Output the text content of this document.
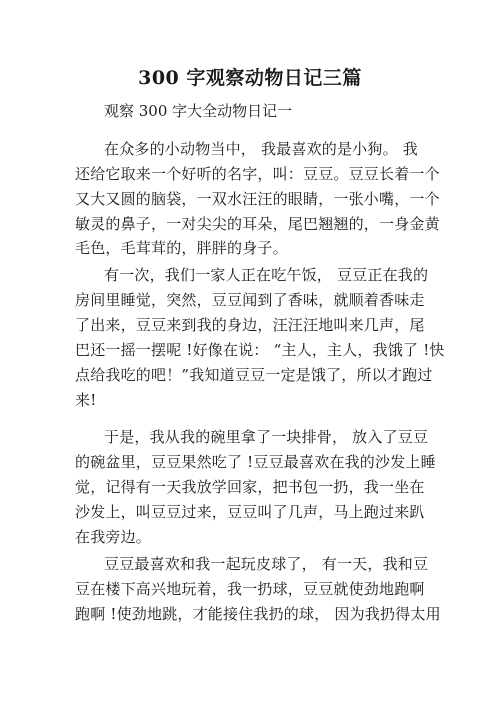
300 字观察动物日记三篇
观察 300 字大全动物日记一
在众多的小动物当中， 我最喜欢的是小狗。 我
还给它取来一个好听的名字，叫：豆豆。豆豆长着一个
又大又圆的脑袋，一双水汪汪的眼睛，一张小嘴，一个
敏灵的鼻子，一对尖尖的耳朵，尾巴翘翘的，一身金黄
毛色，毛茸茸的，胖胖的身子。
有一次，我们一家人正在吃午饭， 豆豆正在我的
房间里睡觉，突然，豆豆闻到了香味，就顺着香味走
了出来，豆豆来到我的身边，汪汪汪地叫来几声，尾
巴还一摇一摆呢 !好像在说： “主人，主人，我饿了 !快
点给我吃的吧！”我知道豆豆一定是饿了，所以才跑过
来!
于是，我从我的碗里拿了一块排骨， 放入了豆豆
的碗盆里，豆豆果然吃了 !豆豆最喜欢在我的沙发上睡
觉，记得有一天我放学回家，把书包一扔，我一坐在
沙发上，叫豆豆过来，豆豆叫了几声，马上跑过来趴
在我旁边。
豆豆最喜欢和我一起玩皮球了， 有一天，我和豆
豆在楼下高兴地玩着，我一扔球，豆豆就使劲地跑啊
跑啊 !使劲地跳，才能接住我扔的球， 因为我扔得太用
